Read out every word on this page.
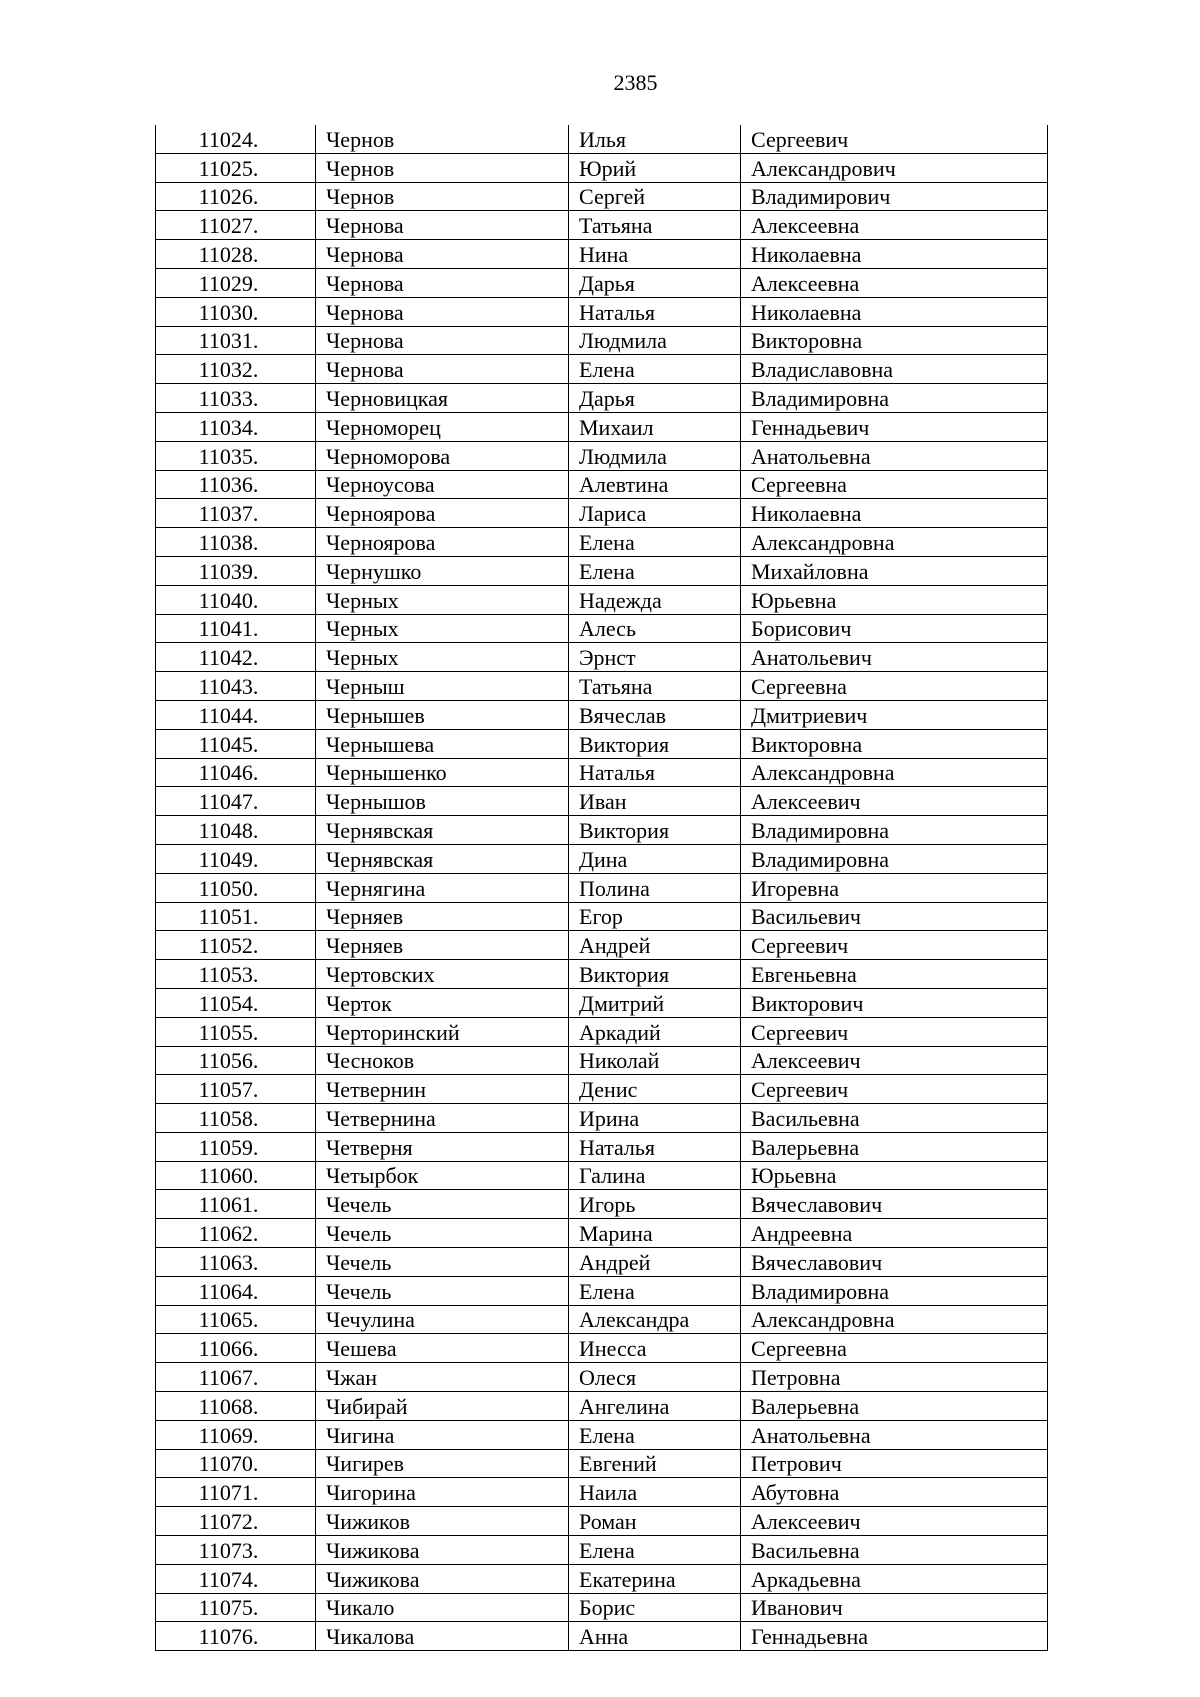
2385
11024.	Чернов	Илья	Сергеевич
11025.	Чернов	Юрий	Александрович
11026.	Чернов	Сергей	Владимирович
11027.	Чернова	Татьяна	Алексеевна
11028.	Чернова	Нина	Николаевна
11029.	Чернова	Дарья	Алексеевна
11030.	Чернова	Наталья	Николаевна
11031.	Чернова	Людмила	Викторовна
11032.	Чернова	Елена	Владиславовна
11033.	Черновицкая	Дарья	Владимировна
11034.	Черноморец	Михаил	Геннадьевич
11035.	Черноморова	Людмила	Анатольевна
11036.	Черноусова	Алевтина	Сергеевна
11037.	Черноярова	Лариса	Николаевна
11038.	Черноярова	Елена	Александровна
11039.	Чернушко	Елена	Михайловна
11040.	Черных	Надежда	Юрьевна
11041.	Черных	Алесь	Борисович
11042.	Черных	Эрнст	Анатольевич
11043.	Черныш	Татьяна	Сергеевна
11044.	Чернышев	Вячеслав	Дмитриевич
11045.	Чернышева	Виктория	Викторовна
11046.	Чернышенко	Наталья	Александровна
11047.	Чернышов	Иван	Алексеевич
11048.	Чернявская	Виктория	Владимировна
11049.	Чернявская	Дина	Владимировна
11050.	Чернягина	Полина	Игоревна
11051.	Черняев	Егор	Васильевич
11052.	Черняев	Андрей	Сергеевич
11053.	Чертовских	Виктория	Евгеньевна
11054.	Черток	Дмитрий	Викторович
11055.	Черторинский	Аркадий	Сергеевич
11056.	Чесноков	Николай	Алексеевич
11057.	Четвернин	Денис	Сергеевич
11058.	Четвернина	Ирина	Васильевна
11059.	Четверня	Наталья	Валерьевна
11060.	Четырбок	Галина	Юрьевна
11061.	Чечель	Игорь	Вячеславович
11062.	Чечель	Марина	Андреевна
11063.	Чечель	Андрей	Вячеславович
11064.	Чечель	Елена	Владимировна
11065.	Чечулина	Александра	Александровна
11066.	Чешева	Инесса	Сергеевна
11067.	Чжан	Олеся	Петровна
11068.	Чибирай	Ангелина	Валерьевна
11069.	Чигина	Елена	Анатольевна
11070.	Чигирев	Евгений	Петрович
11071.	Чигорина	Наила	Абутовна
11072.	Чижиков	Роман	Алексеевич
11073.	Чижикова	Елена	Васильевна
11074.	Чижикова	Екатерина	Аркадьевна
11075.	Чикало	Борис	Иванович
11076.	Чикалова	Анна	Геннадьевна
